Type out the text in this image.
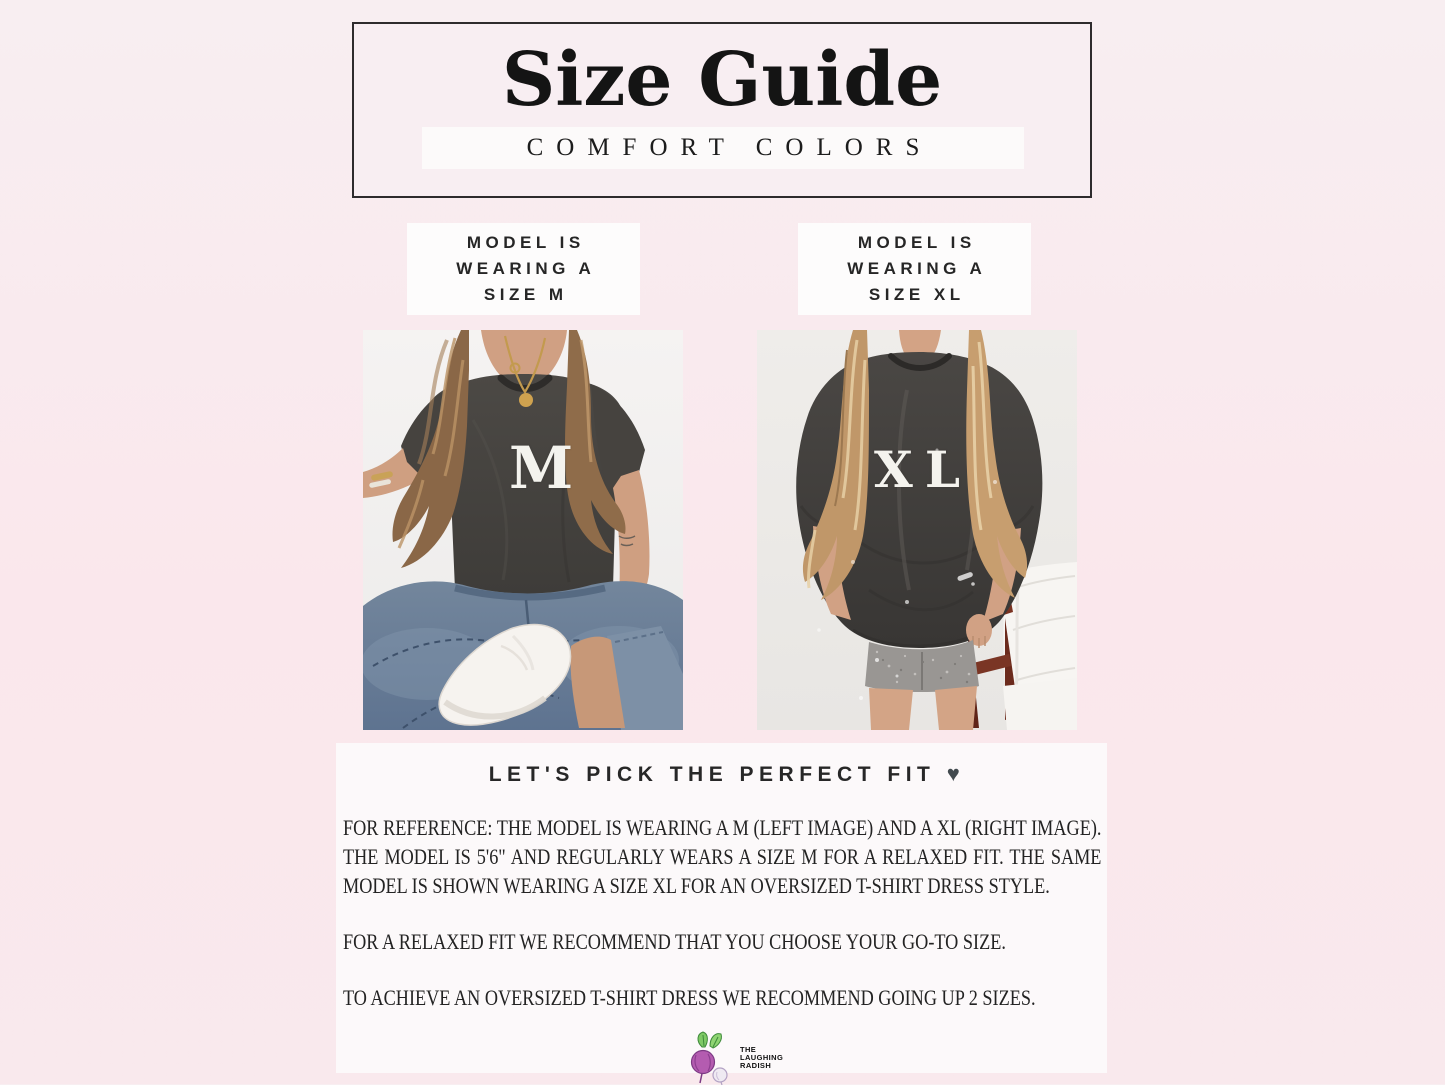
Size Guide
COMFORT COLORS
MODEL IS
WEARING A
SIZE M
MODEL IS
WEARING A
SIZE XL
M	XL
LET'S PICK THE PERFECT FIT ♥

FOR REFERENCE: THE MODEL IS WEARING A M (LEFT IMAGE) AND A XL (RIGHT IMAGE). THE MODEL IS 5'6" AND REGULARLY WEARS A SIZE M FOR A RELAXED FIT. THE SAME MODEL IS SHOWN WEARING A SIZE XL FOR AN OVERSIZED T-SHIRT DRESS STYLE.

FOR A RELAXED FIT WE RECOMMEND THAT YOU CHOOSE YOUR GO-TO SIZE.

TO ACHIEVE AN OVERSIZED T-SHIRT DRESS WE RECOMMEND GOING UP 2 SIZES.

THE
LAUGHING
RADISH
